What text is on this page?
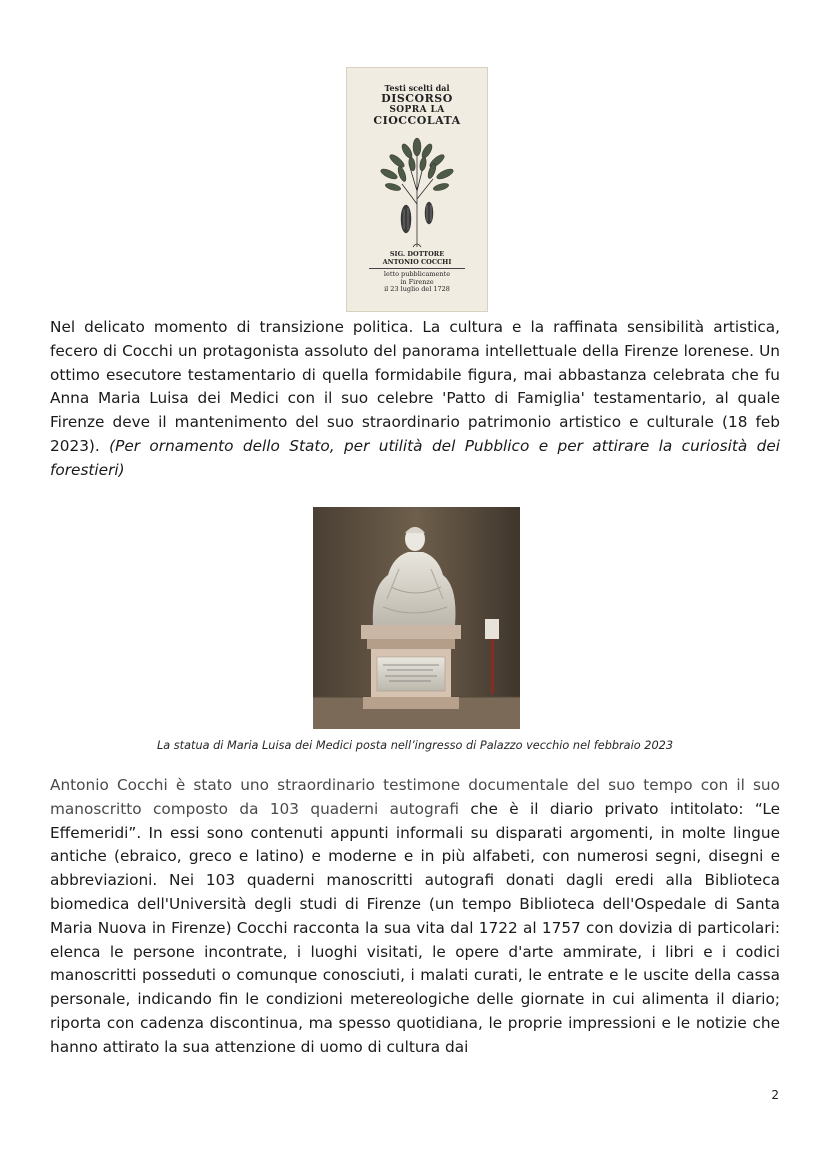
Testi scelti dal
DISCORSO
SOPRA LA
CIOCCOLATA
SIG. DOTTORE
ANTONIO COCCHI
letto pubblicamente
in Firenze
il 23 luglio del 1728

Nel delicato momento di transizione politica. La cultura e la raffinata sensibilità artistica, fecero di Cocchi un protagonista assoluto del panorama intellettuale della Firenze lorenese. Un ottimo esecutore testamentario di quella formidabile figura, mai abbastanza celebrata che fu Anna Maria Luisa dei Medici con il suo celebre 'Patto di Famiglia' testamentario, al quale Firenze deve il mantenimento del suo straordinario patrimonio artistico e culturale (18 feb 2023). (Per ornamento dello Stato, per utilità del Pubblico e per attirare la curiosità dei forestieri)

La statua di Maria Luisa dei Medici posta nell’ingresso di Palazzo vecchio nel febbraio 2023

Antonio Cocchi è stato uno straordinario testimone documentale del suo tempo con il suo manoscritto composto da 103 quaderni autografi che è il diario privato intitolato: “Le Effemeridi”. In essi sono contenuti appunti informali su disparati argomenti, in molte lingue antiche (ebraico, greco e latino) e moderne e in più alfabeti, con numerosi segni, disegni e abbreviazioni. Nei 103 quaderni manoscritti autografi donati dagli eredi alla Biblioteca biomedica dell'Università degli studi di Firenze (un tempo Biblioteca dell'Ospedale di Santa Maria Nuova in Firenze) Cocchi racconta la sua vita dal 1722 al 1757 con dovizia di particolari: elenca le persone incontrate, i luoghi visitati, le opere d'arte ammirate, i libri e i codici manoscritti posseduti o comunque conosciuti, i malati curati, le entrate e le uscite della cassa personale, indicando fin le condizioni metereologiche delle giornate in cui alimenta il diario; riporta con cadenza discontinua, ma spesso quotidiana, le proprie impressioni e le notizie che hanno attirato la sua attenzione di uomo di cultura dai

2
